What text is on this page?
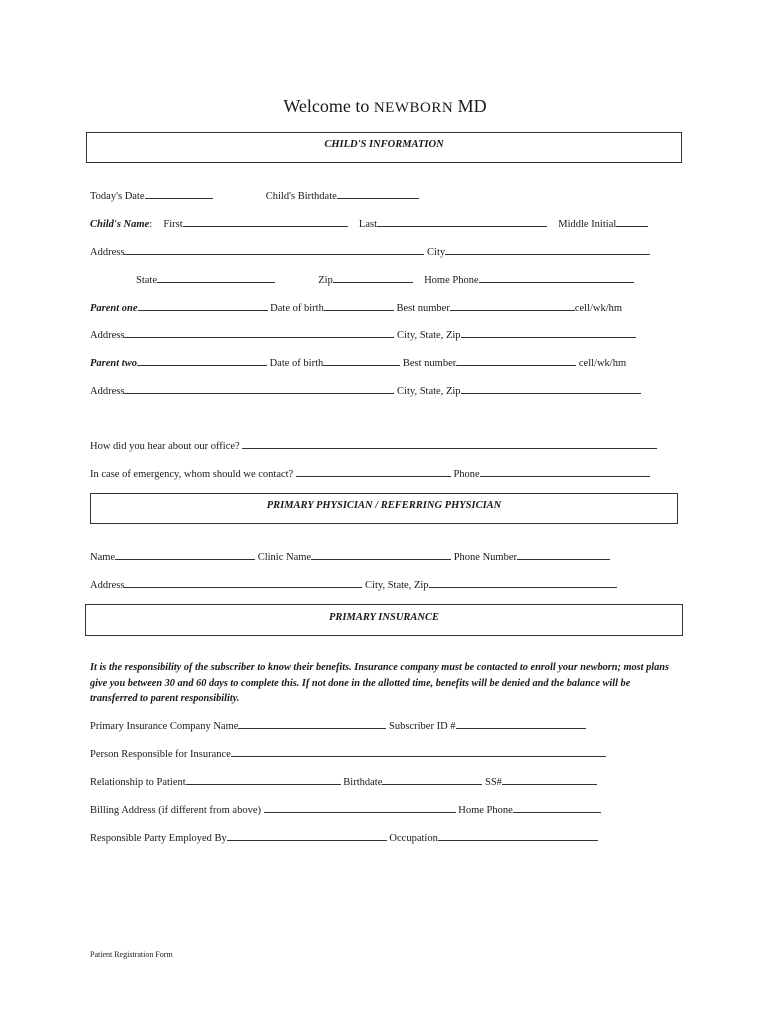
Welcome to NEWBORN MD
CHILD'S INFORMATION
Today's Date	Child's Birthdate
Child's Name: First	Last	Middle Initial
Address	City
State	Zip	Home Phone
Parent one	Date of birth	Best number	cell/wk/hm
Address	City, State, Zip
Parent two	Date of birth	Best number	cell/wk/hm
Address	City, State, Zip
How did you hear about our office?
In case of emergency, whom should we contact?	Phone
PRIMARY PHYSICIAN / REFERRING PHYSICIAN
Name	Clinic Name	Phone Number
Address	City, State, Zip
PRIMARY INSURANCE
It is the responsibility of the subscriber to know their benefits. Insurance company must be contacted to enroll your newborn; most plans give you between 30 and 60 days to complete this. If not done in the allotted time, benefits will be denied and the balance will be transferred to parent responsibility.
Primary Insurance Company Name	Subscriber ID #
Person Responsible for Insurance
Relationship to Patient	Birthdate	SS#
Billing Address (if different from above)	Home Phone
Responsible Party Employed By	Occupation
Patient Registration Form
